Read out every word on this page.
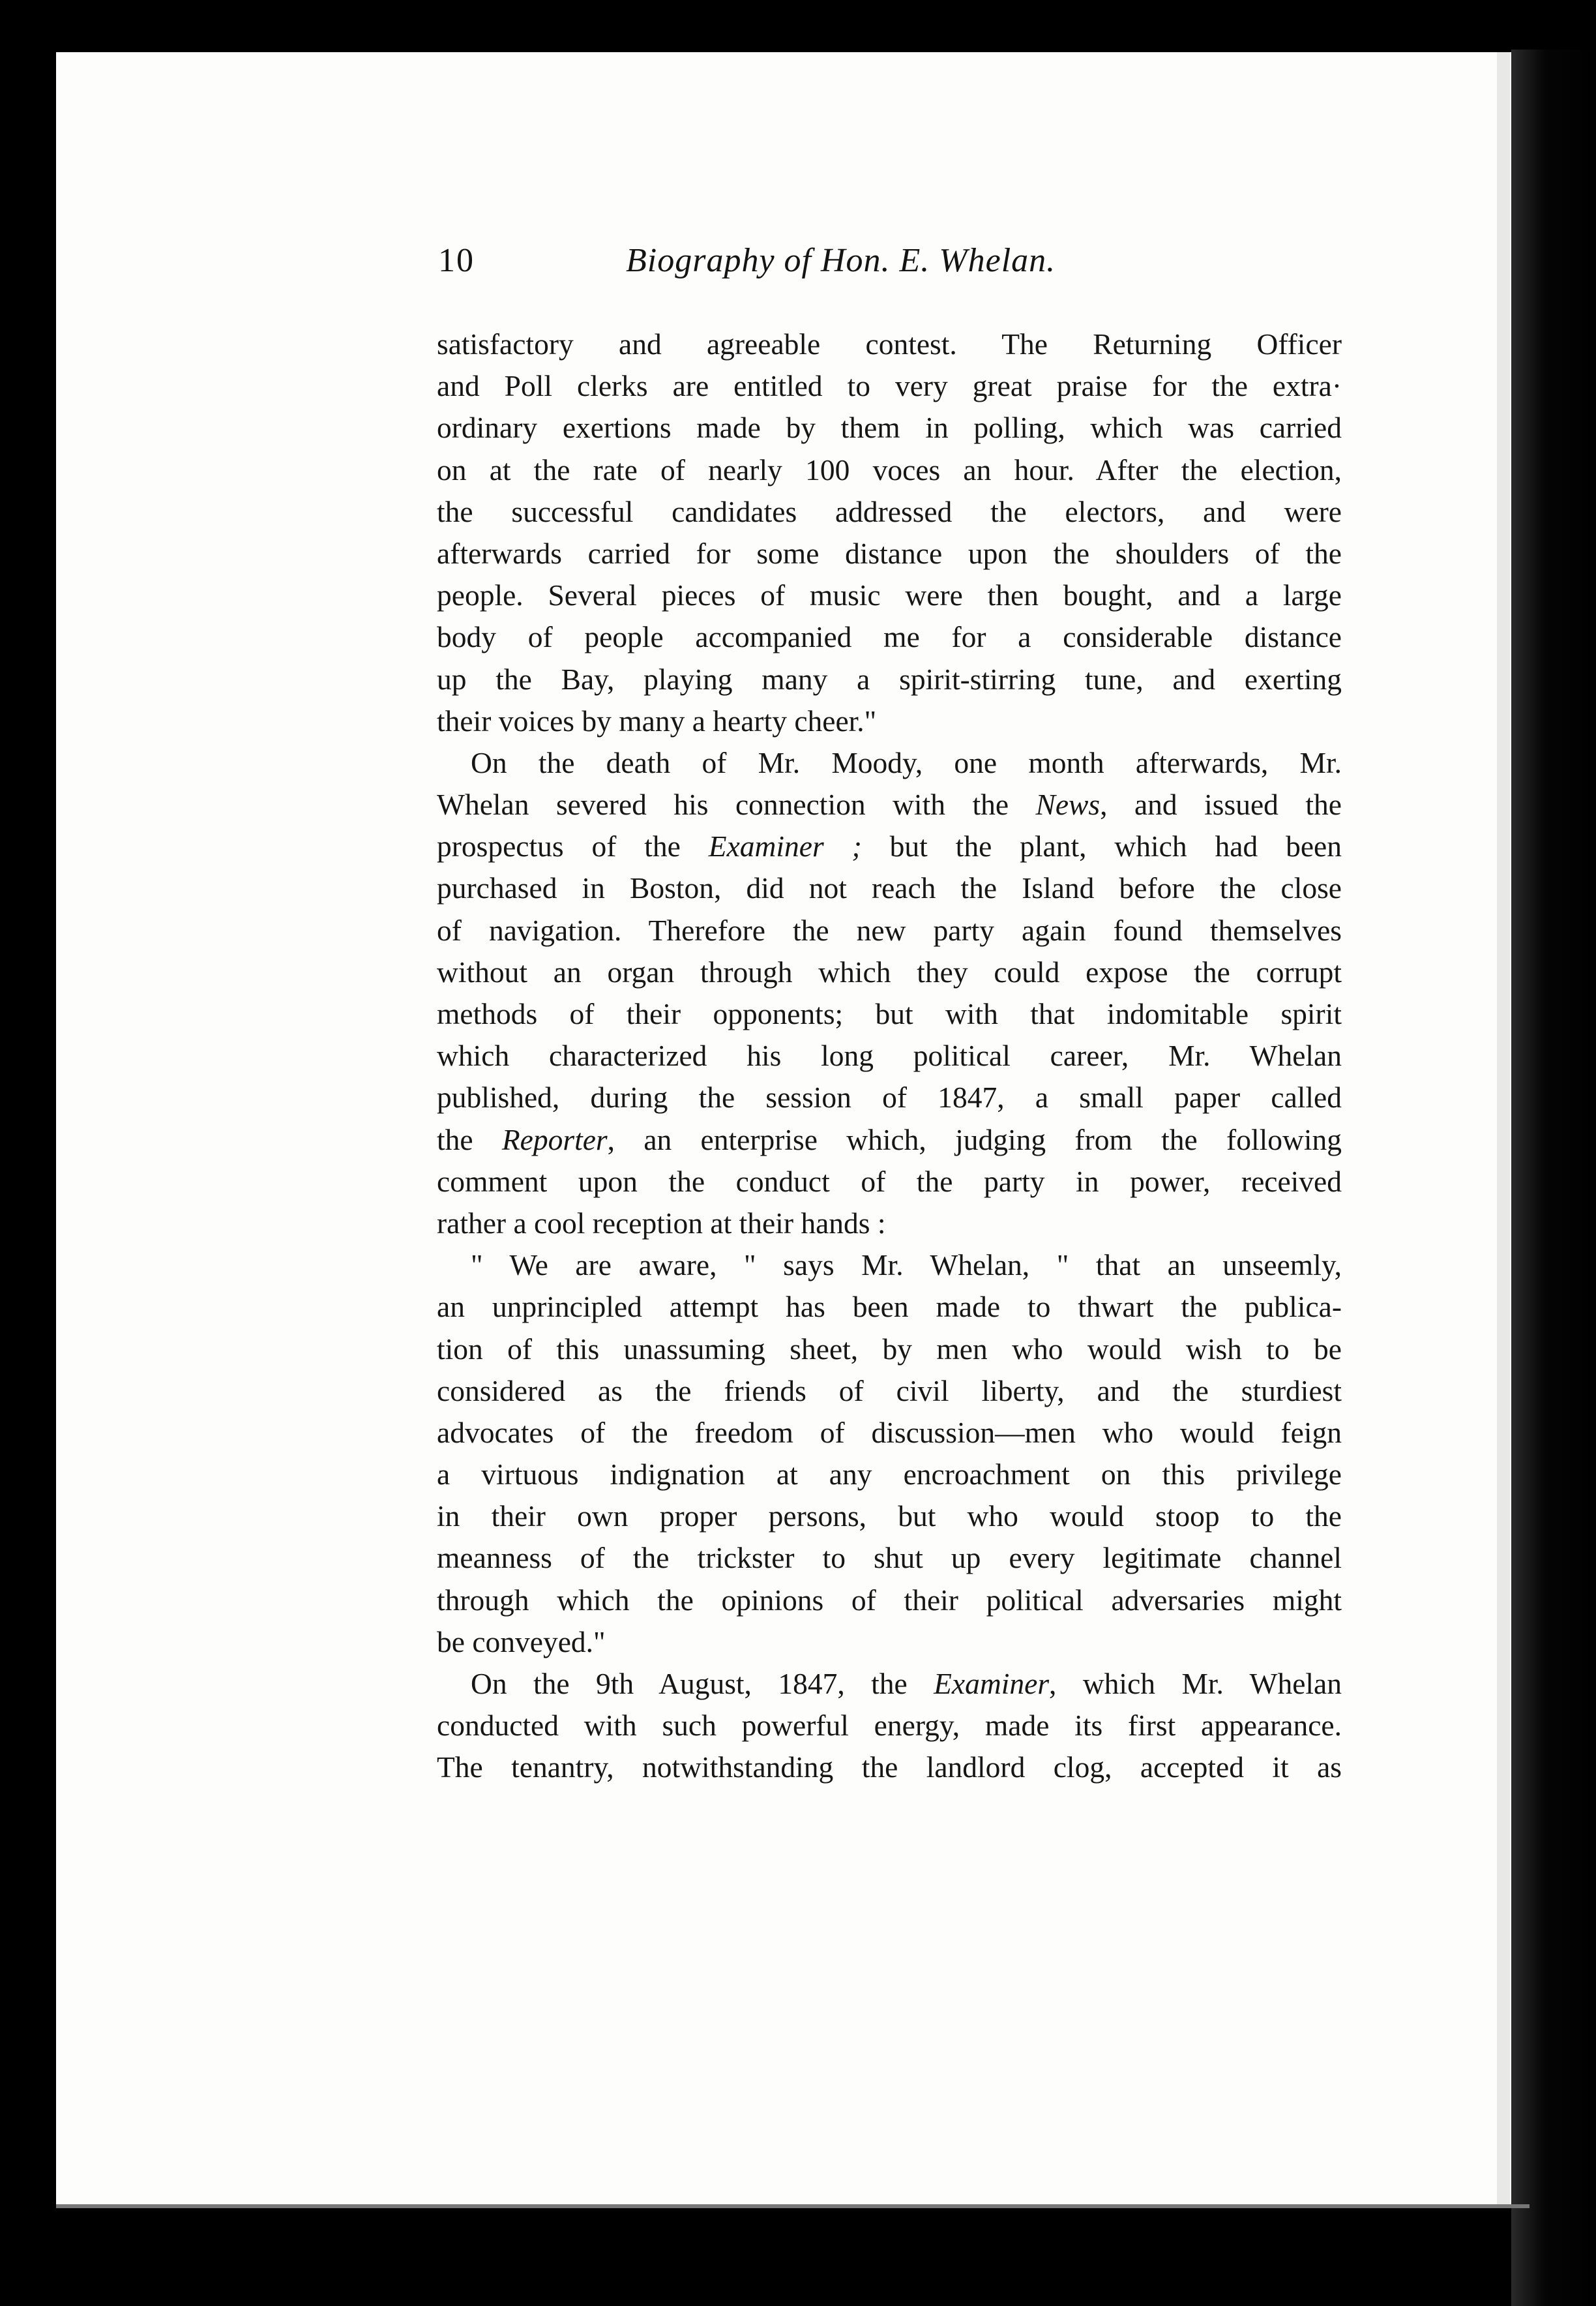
10	Biography of Hon. E. Whelan.
satisfactory and agreeable contest. The Returning Officer
and Poll clerks are entitled to very great praise for the extra·
ordinary exertions made by them in polling, which was carried
on at the rate of nearly 100 voces an hour. After the election,
the successful candidates addressed the electors, and were
afterwards carried for some distance upon the shoulders of the
people. Several pieces of music were then bought, and a large
body of people accompanied me for a considerable distance
up the Bay, playing many a spirit-stirring tune, and exerting
their voices by many a hearty cheer."
On the death of Mr. Moody, one month afterwards, Mr.
Whelan severed his connection with the News, and issued the
prospectus of the Examiner ; but the plant, which had been
purchased in Boston, did not reach the Island before the close
of navigation. Therefore the new party again found themselves
without an organ through which they could expose the corrupt
methods of their opponents; but with that indomitable spirit
which characterized his long political career, Mr. Whelan
published, during the session of 1847, a small paper called
the Reporter, an enterprise which, judging from the following
comment upon the conduct of the party in power, received
rather a cool reception at their hands :
" We are aware, " says Mr. Whelan, " that an unseemly,
an unprincipled attempt has been made to thwart the publica-
tion of this unassuming sheet, by men who would wish to be
considered as the friends of civil liberty, and the sturdiest
advocates of the freedom of discussion—men who would feign
a virtuous indignation at any encroachment on this privilege
in their own proper persons, but who would stoop to the
meanness of the trickster to shut up every legitimate channel
through which the opinions of their political adversaries might
be conveyed."
On the 9th August, 1847, the Examiner, which Mr. Whelan
conducted with such powerful energy, made its first appearance.
The tenantry, notwithstanding the landlord clog, accepted it as
